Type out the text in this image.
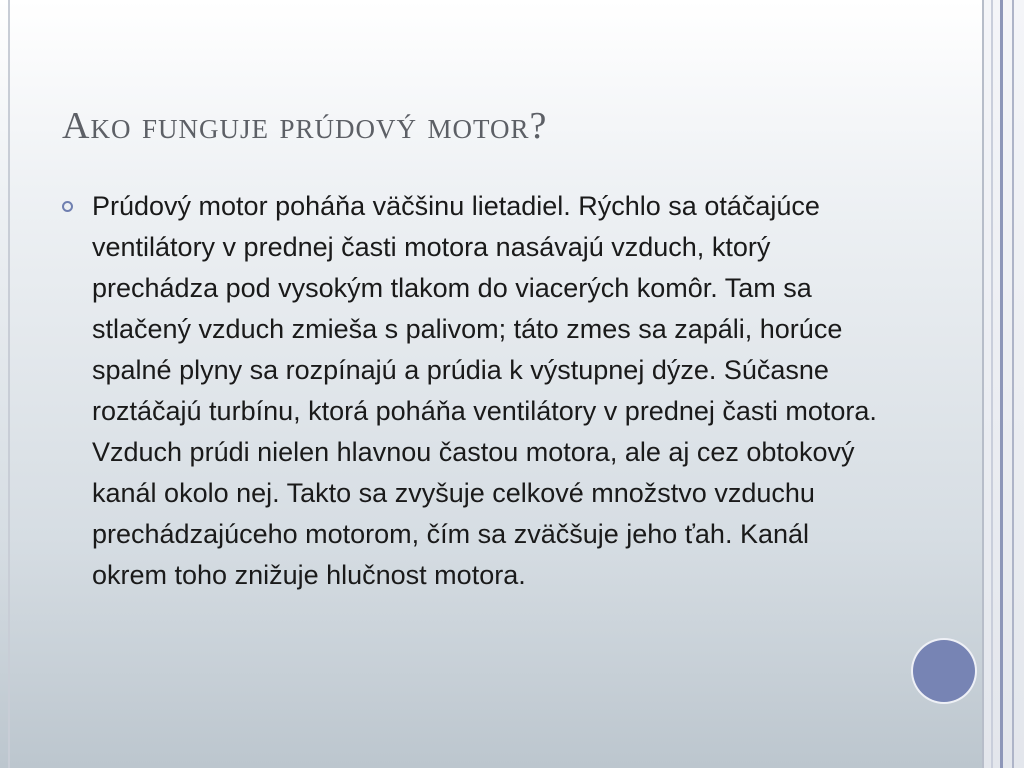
Ako funguje prúdový motor?

Prúdový motor poháňa väčšinu lietadiel. Rýchlo sa otáčajúce ventilátory v prednej časti motora nasávajú vzduch, ktorý prechádza pod vysokým tlakom do viacerých komôr. Tam sa stlačený vzduch zmieša s palivom; táto zmes sa zapáli, horúce spalné plyny sa rozpínajú a prúdia k výstupnej dýze. Súčasne roztáčajú turbínu, ktorá poháňa ventilátory v prednej časti motora. Vzduch prúdi nielen hlavnou častou motora, ale aj cez obtokový kanál okolo nej. Takto sa zvyšuje celkové množstvo vzduchu prechádzajúceho motorom, čím sa zväčšuje jeho ťah. Kanál okrem toho znižuje hlučnost motora.
